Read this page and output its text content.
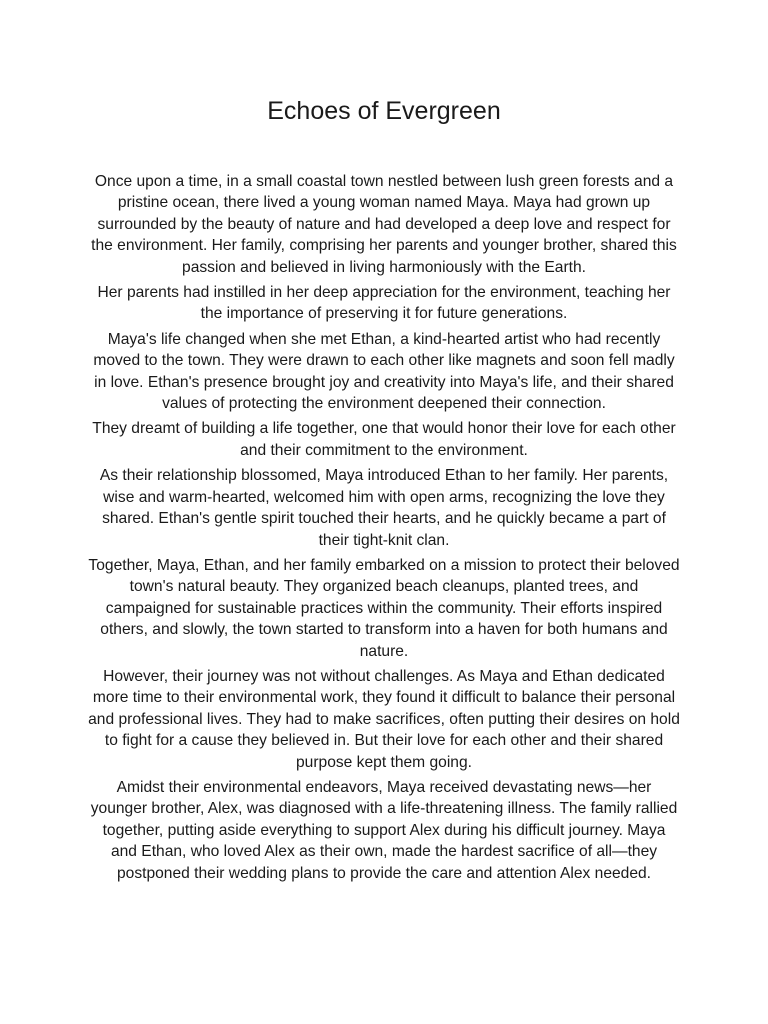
Echoes of Evergreen

Once upon a time, in a small coastal town nestled between lush green forests and a pristine ocean, there lived a young woman named Maya. Maya had grown up surrounded by the beauty of nature and had developed a deep love and respect for the environment. Her family, comprising her parents and younger brother, shared this passion and believed in living harmoniously with the Earth.

Her parents had instilled in her deep appreciation for the environment, teaching her the importance of preserving it for future generations.

Maya's life changed when she met Ethan, a kind-hearted artist who had recently moved to the town. They were drawn to each other like magnets and soon fell madly in love. Ethan's presence brought joy and creativity into Maya's life, and their shared values of protecting the environment deepened their connection.

They dreamt of building a life together, one that would honor their love for each other and their commitment to the environment.

As their relationship blossomed, Maya introduced Ethan to her family. Her parents, wise and warm-hearted, welcomed him with open arms, recognizing the love they shared. Ethan's gentle spirit touched their hearts, and he quickly became a part of their tight-knit clan.

Together, Maya, Ethan, and her family embarked on a mission to protect their beloved town's natural beauty. They organized beach cleanups, planted trees, and campaigned for sustainable practices within the community. Their efforts inspired others, and slowly, the town started to transform into a haven for both humans and nature.

However, their journey was not without challenges. As Maya and Ethan dedicated more time to their environmental work, they found it difficult to balance their personal and professional lives. They had to make sacrifices, often putting their desires on hold to fight for a cause they believed in. But their love for each other and their shared purpose kept them going.

Amidst their environmental endeavors, Maya received devastating news—her younger brother, Alex, was diagnosed with a life-threatening illness. The family rallied together, putting aside everything to support Alex during his difficult journey. Maya and Ethan, who loved Alex as their own, made the hardest sacrifice of all—they postponed their wedding plans to provide the care and attention Alex needed.
